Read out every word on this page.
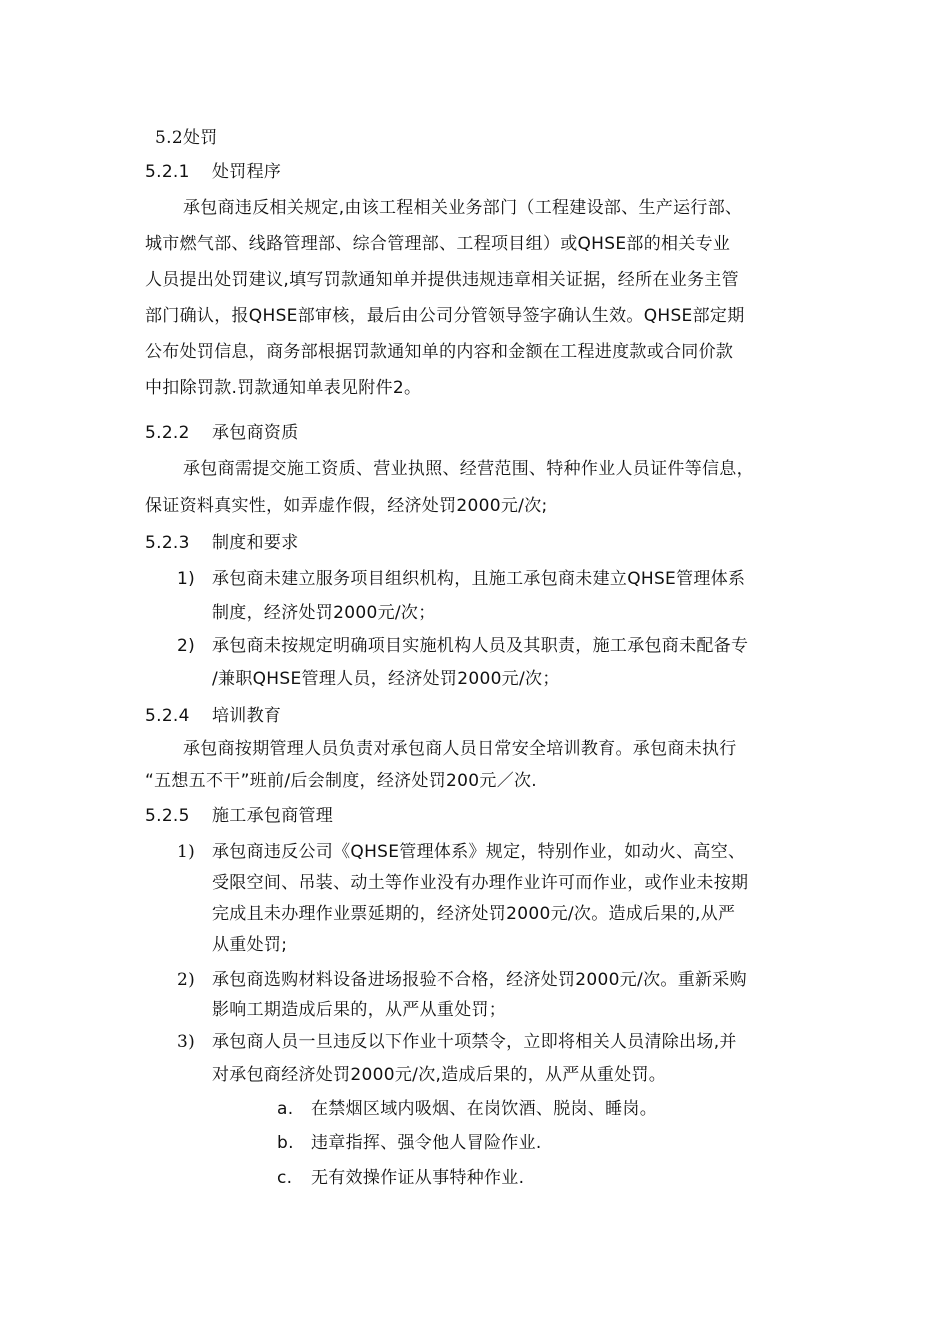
5.2处罚
5.2.1 处罚程序
承包商违反相关规定,由该工程相关业务部门（工程建设部、生产运行部、
城市燃气部、线路管理部、综合管理部、工程项目组）或QHSE部的相关专业
人员提出处罚建议,填写罚款通知单并提供违规违章相关证据，经所在业务主管
部门确认，报QHSE部审核，最后由公司分管领导签字确认生效。QHSE部定期
公布处罚信息，商务部根据罚款通知单的内容和金额在工程进度款或合同价款
中扣除罚款.罚款通知单表见附件2。
5.2.2 承包商资质
承包商需提交施工资质、营业执照、经营范围、特种作业人员证件等信息，
保证资料真实性，如弄虚作假，经济处罚2000元/次;
5.2.3 制度和要求
1) 承包商未建立服务项目组织机构，且施工承包商未建立QHSE管理体系
制度，经济处罚2000元/次；
2) 承包商未按规定明确项目实施机构人员及其职责，施工承包商未配备专
/兼职QHSE管理人员，经济处罚2000元/次；
5.2.4 培训教育
承包商按期管理人员负责对承包商人员日常安全培训教育。承包商未执行
“五想五不干”班前/后会制度，经济处罚200元／次.
5.2.5 施工承包商管理
1) 承包商违反公司《QHSE管理体系》规定，特别作业，如动火、高空、
受限空间、吊装、动土等作业没有办理作业许可而作业，或作业未按期
完成且未办理作业票延期的，经济处罚2000元/次。造成后果的,从严
从重处罚;
2) 承包商选购材料设备进场报验不合格，经济处罚2000元/次。重新采购
影响工期造成后果的，从严从重处罚；
3) 承包商人员一旦违反以下作业十项禁令，立即将相关人员清除出场,并
对承包商经济处罚2000元/次,造成后果的，从严从重处罚。
a. 在禁烟区域内吸烟、在岗饮酒、脱岗、睡岗。
b. 违章指挥、强令他人冒险作业.
c. 无有效操作证从事特种作业.
